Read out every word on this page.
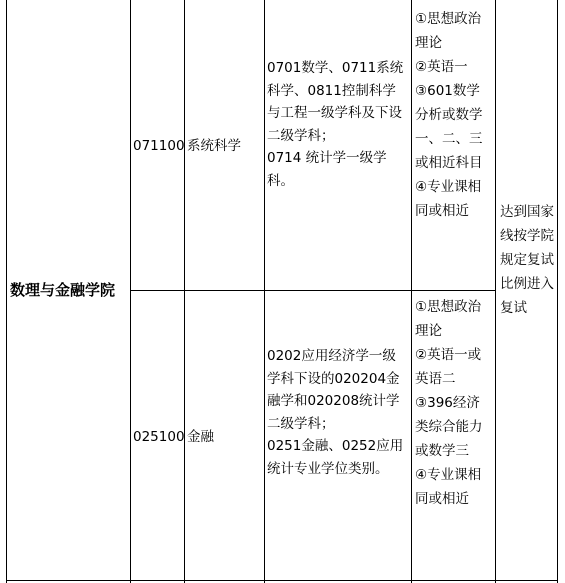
数理与金融学院
达到国家线按学院规定复试比例进入复试
071100 系统科学
0701数学、0711系统科学、0811控制科学与工程一级学科及下设二级学科；
0714 统计学一级学科。
①思想政治理论
②英语一
③601数学分析或数学一、二、三或相近科目
④专业课相同或相近
025100 金融
0202应用经济学一级学科下设的020204金融学和020208统计学二级学科；
0251金融、0252应用统计专业学位类别。
①思想政治理论
②英语一或英语二
③396经济类综合能力或数学三
④专业课相同或相近
